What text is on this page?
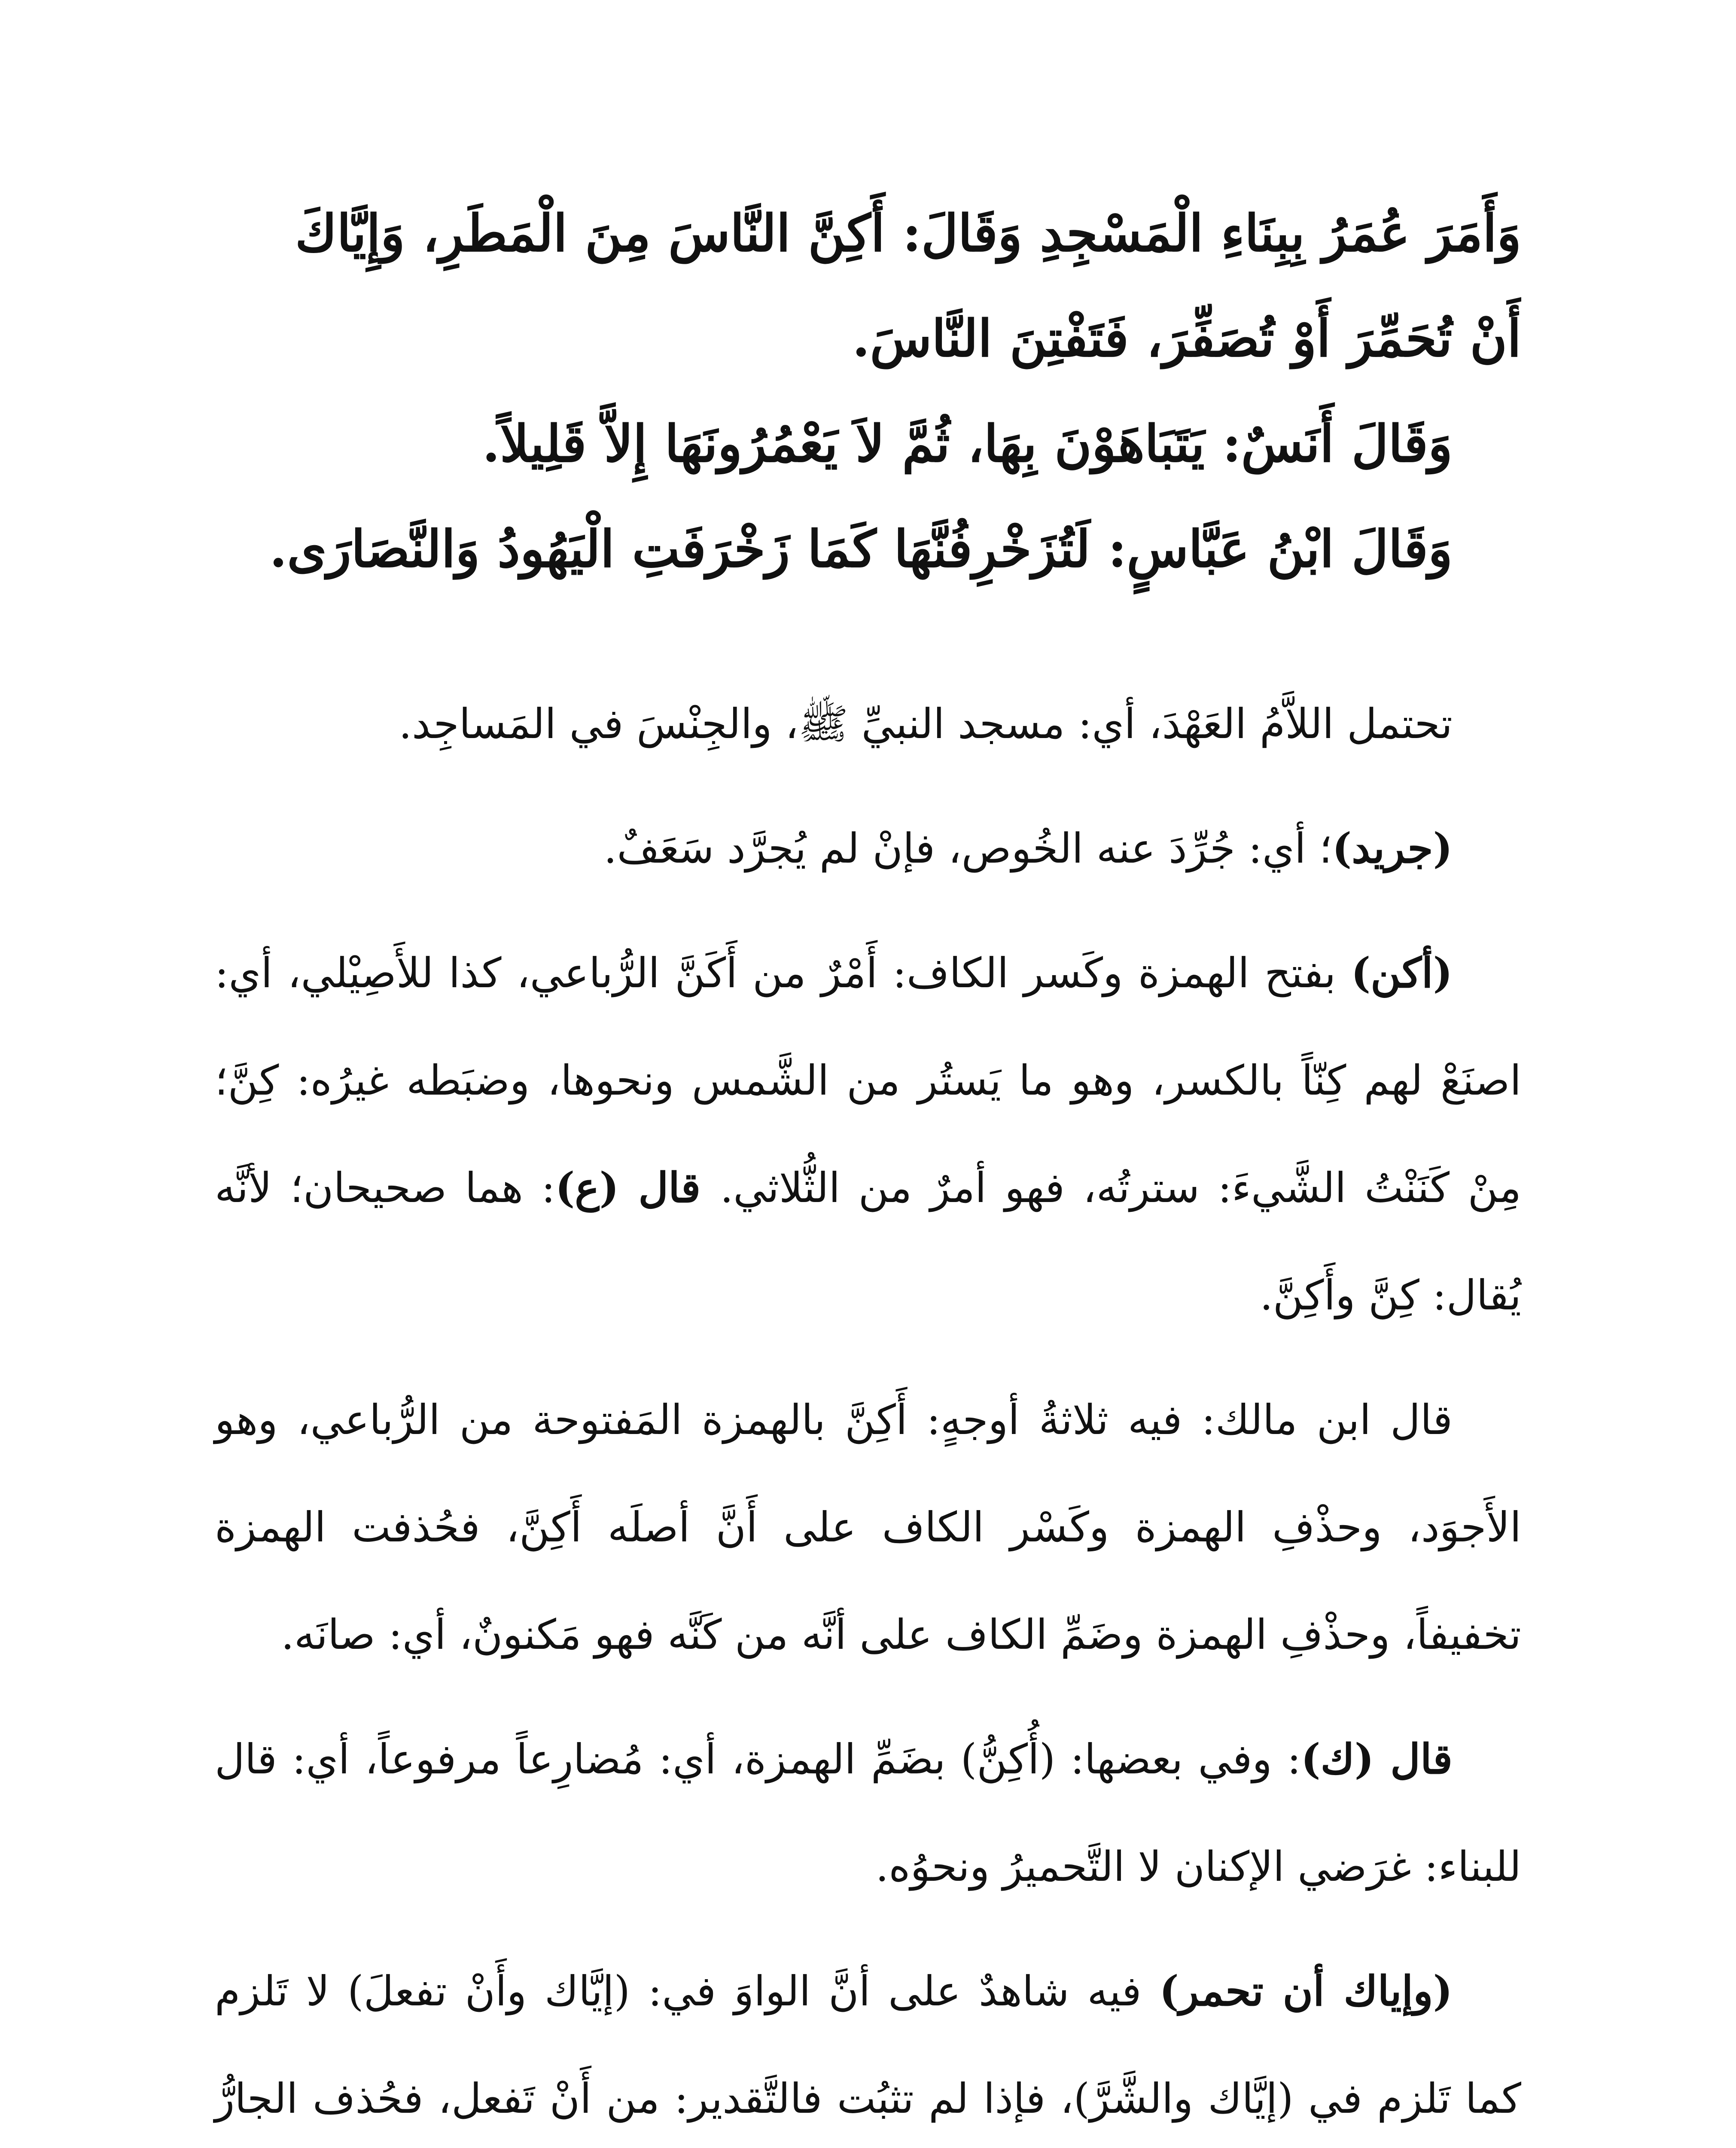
وَأَمَرَ عُمَرُ بِبِنَاءِ الْمَسْجِدِ وَقَالَ: أَكِنَّ النَّاسَ مِنَ الْمَطَرِ، وَإِيَّاكَ

أَنْ تُحَمِّرَ أَوْ تُصَفِّرَ، فَتَفْتِنَ النَّاسَ.

وَقَالَ أَنَسٌ: يَتَبَاهَوْنَ بِهَا، ثُمَّ لاَ يَعْمُرُونَهَا إِلاَّ قَلِيلاً.

وَقَالَ ابْنُ عَبَّاسٍ: لَتُزَخْرِفُنَّهَا كَمَا زَخْرَفَتِ الْيَهُودُ وَالنَّصَارَى.

تحتمل اللاَّمُ العَهْدَ، أي: مسجد النبيِّ ﷺ، والجِنْسَ في المَساجِد.

(جريد)؛ أي: جُرِّدَ عنه الخُوص، فإنْ لم يُجرَّد سَعَفٌ.

(أكن) بفتح الهمزة وكَسر الكاف: أَمْرٌ من أَكَنَّ الرُّباعي، كذا للأَصِيْلي، أي: اصنَعْ لهم كِنّاً بالكسر، وهو ما يَستُر من الشَّمس ونحوها، وضبَطه غيرُه: كِنَّ؛ مِنْ كَنَنْتُ الشَّيءَ: سترتُه، فهو أمرٌ من الثُّلاثي. قال (ع): هما صحيحان؛ لأنَّه يُقال: كِنَّ وأَكِنَّ.

قال ابن مالك: فيه ثلاثةُ أوجهٍ: أَكِنَّ بالهمزة المَفتوحة من الرُّباعي، وهو الأَجوَد، وحذْفِ الهمزة وكَسْر الكاف على أَنَّ أصلَه أَكِنَّ، فحُذفت الهمزة تخفيفاً، وحذْفِ الهمزة وضَمِّ الكاف على أنَّه من كَنَّه فهو مَكنونٌ، أي: صانَه.

قال (ك): وفي بعضها: (أُكِنُّ) بضَمِّ الهمزة، أي: مُضارِعاً مرفوعاً، أي: قال للبناء: غرَضي الإكنان لا التَّحميرُ ونحوُه.

(وإياك أن تحمر) فيه شاهدٌ على أنَّ الواوَ في: (إيَّاك وأَنْ تفعلَ) لا تَلزم كما تَلزم في (إيَّاك والشَّرَّ)، فإذا لم تثبُت فالتَّقدير: من أَنْ تَفعل، فحُذف الجارُّ
